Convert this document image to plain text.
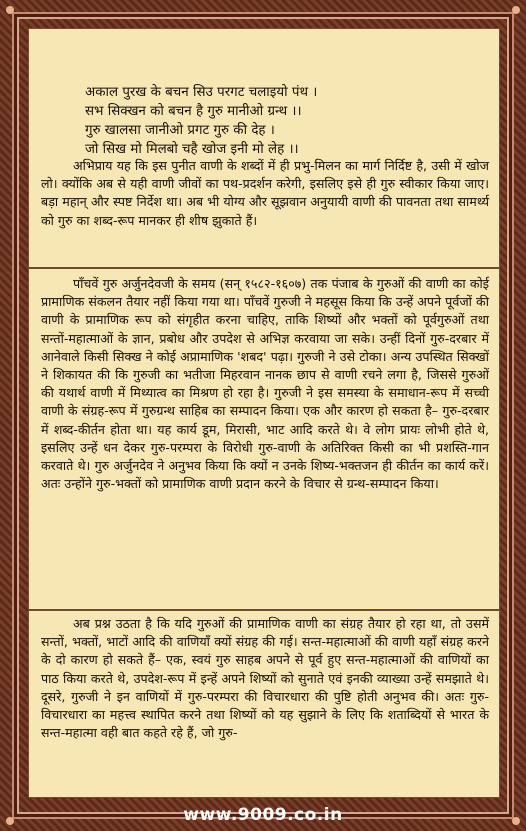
अकाल पुरख के बचन सिउ परगट चलाइयो पंथ ।
सभ सिक्खन को बचन है गुरु मानीओ ग्रन्थ ।।
गुरु खालसा जानीओ प्रगट गुरु की देह ।
जो सिख मो मिलबो चहै खोज इनी मो लेह ।।
अभिप्राय यह कि इस पुनीत वाणी के शब्दों में ही प्रभु-मिलन का मार्ग निर्दिष्ट है, उसी में खोज लो। क्योंकि अब से यही वाणी जीवों का पथ-प्रदर्शन करेगी, इसलिए इसे ही गुरु स्वीकार किया जाए। बड़ा महान् और स्पष्ट निर्देश था। अब भी योग्य और सूझवान अनुयायी वाणी की पावनता तथा सामर्थ्य को गुरु का शब्द-रूप मानकर ही शीष झुकाते हैं।
पाँचवें गुरु अर्जुनदेवजी के समय (सन् १५८२-१६०७) तक पंजाब के गुरुओं की वाणी का कोई प्रामाणिक संकलन तैयार नहीं किया गया था। पाँचवें गुरुजी ने महसूस किया कि उन्हें अपने पूर्वजों की वाणी के प्रामाणिक रूप को संगृहीत करना चाहिए, ताकि शिष्यों और भक्तों को पूर्वगुरुओं तथा सन्तों-महात्माओं के ज्ञान, प्रबोध और उपदेश से अभिज्ञ करवाया जा सके। उन्हीं दिनों गुरु-दरबार में आनेवाले किसी सिक्ख ने कोई अप्रामाणिक 'शबद' पढ़ा। गुरुजी ने उसे टोका। अन्य उपस्थित सिक्खों ने शिकायत की कि गुरुजी का भतीजा मिहरवान नानक छाप से वाणी रचने लगा है, जिससे गुरुओं की यथार्थ वाणी में मिथ्यात्व का मिश्रण हो रहा है। गुरुजी ने इस समस्या के समाधान-रूप में सच्ची वाणी के संग्रह-रूप में गुरुग्रन्थ साहिब का सम्पादन किया। एक और कारण हो सकता है– गुरु-दरबार में शब्द-कीर्तन होता था। यह कार्य डूम, मिरासी, भाट आदि करते थे। वे लोग प्रायः लोभी होते थे, इसलिए उन्हें धन देकर गुरु-परम्परा के विरोधी गुरु-वाणी के अतिरिक्त किसी का भी प्रशस्ति-गान करवाते थे। गुरु अर्जुनदेव ने अनुभव किया कि क्यों न उनके शिष्य-भक्तजन ही कीर्तन का कार्य करें। अतः उन्होंने गुरु-भक्तों को प्रामाणिक वाणी प्रदान करने के विचार से ग्रन्थ-सम्पादन किया।
अब प्रश्न उठता है कि यदि गुरुओं की प्रामाणिक वाणी का संग्रह तैयार हो रहा था, तो उसमें सन्तों, भक्तों, भाटों आदि की वाणियाँ क्यों संग्रह की गई। सन्त-महात्माओं की वाणी यहाँ संग्रह करने के दो कारण हो सकते हैं– एक, स्वयं गुरु साहब अपने से पूर्व हुए सन्त-महात्माओं की वाणियों का पाठ किया करते थे, उपदेश-रूप में इन्हें अपने शिष्यों को सुनाते एवं इनकी व्याख्या उन्हें समझाते थे। दूसरे, गुरुजी ने इन वाणियों में गुरु-परम्परा की विचारधारा की पुष्टि होती अनुभव की। अतः गुरु-विचारधारा का महत्त्व स्थापित करने तथा शिष्यों को यह सुझाने के लिए कि शताब्दियों से भारत के सन्त-महात्मा वही बात कहते रहे हैं, जो गुरु-
www.9009.co.in
